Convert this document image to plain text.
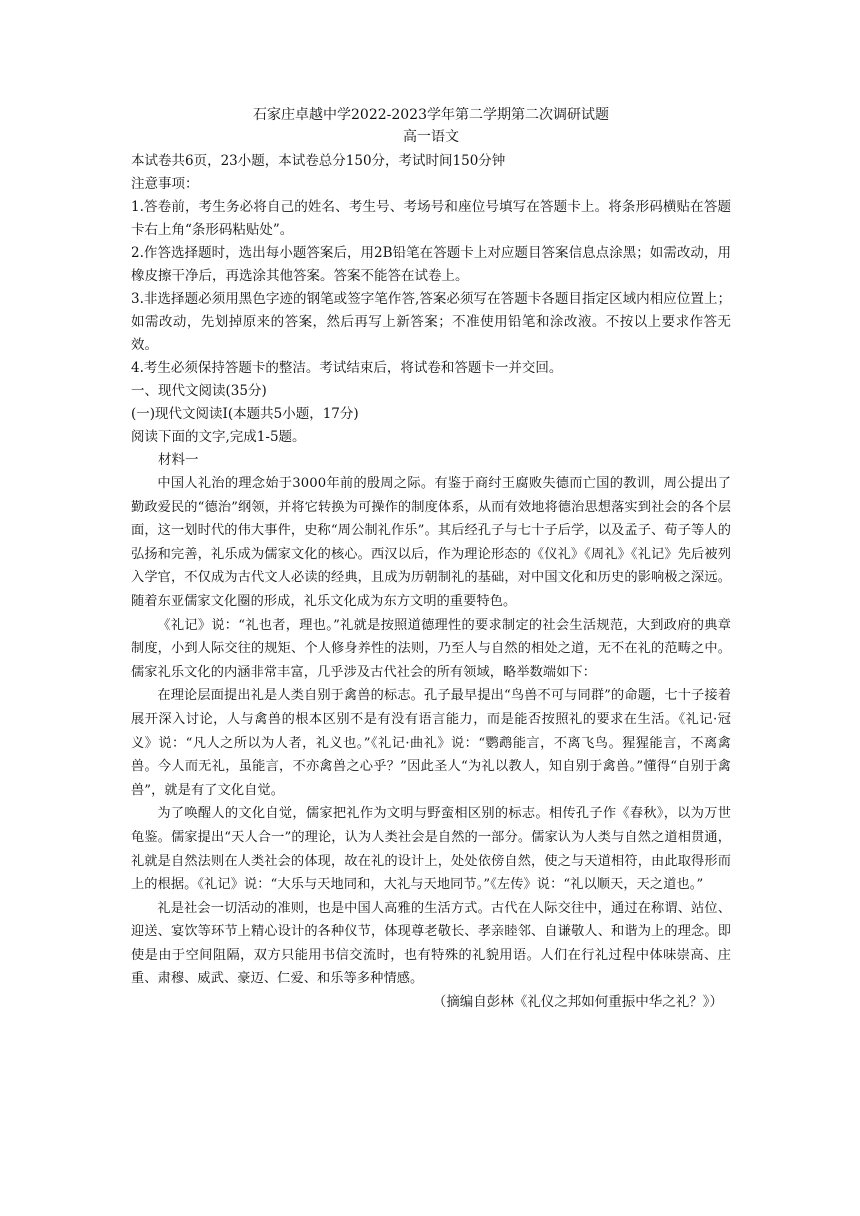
石家庄卓越中学2022-2023学年第二学期第二次调研试题

高一语文

本试卷共6页，23小题，本试卷总分150分，考试时间150分钟

注意事项：

1.答卷前，考生务必将自己的姓名、考生号、考场号和座位号填写在答题卡上。将条形码横贴在答题卡右上角“条形码粘贴处”。

2.作答选择题时，选出每小题答案后，用2B铅笔在答题卡上对应题目答案信息点涂黑；如需改动，用橡皮擦干净后，再选涂其他答案。答案不能答在试卷上。

3.非选择题必须用黑色字迹的钢笔或签字笔作答,答案必须写在答题卡各题目指定区域内相应位置上；如需改动，先划掉原来的答案，然后再写上新答案；不准使用铅笔和涂改液。不按以上要求作答无效。

4.考生必须保持答题卡的整洁。考试结束后，将试卷和答题卡一并交回。

一、现代文阅读(35分)

(一)现代文阅读Ⅰ(本题共5小题，17分)

阅读下面的文字,完成1-5题。

材料一

中国人礼治的理念始于3000年前的殷周之际。有鉴于商纣王腐败失德而亡国的教训，周公提出了勤政爱民的“德治”纲领，并将它转换为可操作的制度体系，从而有效地将德治思想落实到社会的各个层面，这一划时代的伟大事件，史称“周公制礼作乐”。其后经孔子与七十子后学，以及孟子、荀子等人的弘扬和完善，礼乐成为儒家文化的核心。西汉以后，作为理论形态的《仪礼》《周礼》《礼记》先后被列入学官，不仅成为古代文人必读的经典，且成为历朝制礼的基础，对中国文化和历史的影响极之深远。随着东亚儒家文化圈的形成，礼乐文化成为东方文明的重要特色。

《礼记》说：“礼也者，理也。”礼就是按照道德理性的要求制定的社会生活规范，大到政府的典章制度，小到人际交往的规矩、个人修身养性的法则，乃至人与自然的相处之道，无不在礼的范畴之中。儒家礼乐文化的内涵非常丰富，几乎涉及古代社会的所有领域，略举数端如下：

在理论层面提出礼是人类自别于禽兽的标志。孔子最早提出“鸟兽不可与同群”的命题，七十子接着展开深入讨论，人与禽兽的根本区别不是有没有语言能力，而是能否按照礼的要求在生活。《礼记·冠义》说：“凡人之所以为人者，礼义也。”《礼记·曲礼》说：“鹦鹉能言，不离飞鸟。猩猩能言，不离禽兽。今人而无礼，虽能言，不亦禽兽之心乎？”因此圣人“为礼以教人，知自别于禽兽。”懂得“自别于禽兽”，就是有了文化自觉。

为了唤醒人的文化自觉，儒家把礼作为文明与野蛮相区别的标志。相传孔子作《春秋》，以为万世龟鉴。儒家提出“天人合一”的理论，认为人类社会是自然的一部分。儒家认为人类与自然之道相贯通，礼就是自然法则在人类社会的体现，故在礼的设计上，处处依傍自然，使之与天道相符，由此取得形而上的根据。《礼记》说：“大乐与天地同和，大礼与天地同节。”《左传》说：“礼以顺天，天之道也。”

礼是社会一切活动的准则，也是中国人高雅的生活方式。古代在人际交往中，通过在称谓、站位、迎送、宴饮等环节上精心设计的各种仪节，体现尊老敬长、孝亲睦邻、自谦敬人、和谐为上的理念。即使是由于空间阻隔，双方只能用书信交流时，也有特殊的礼貌用语。人们在行礼过程中体味崇高、庄重、肃穆、威武、豪迈、仁爱、和乐等多种情感。

（摘编自彭林《礼仪之邦如何重振中华之礼？》）
